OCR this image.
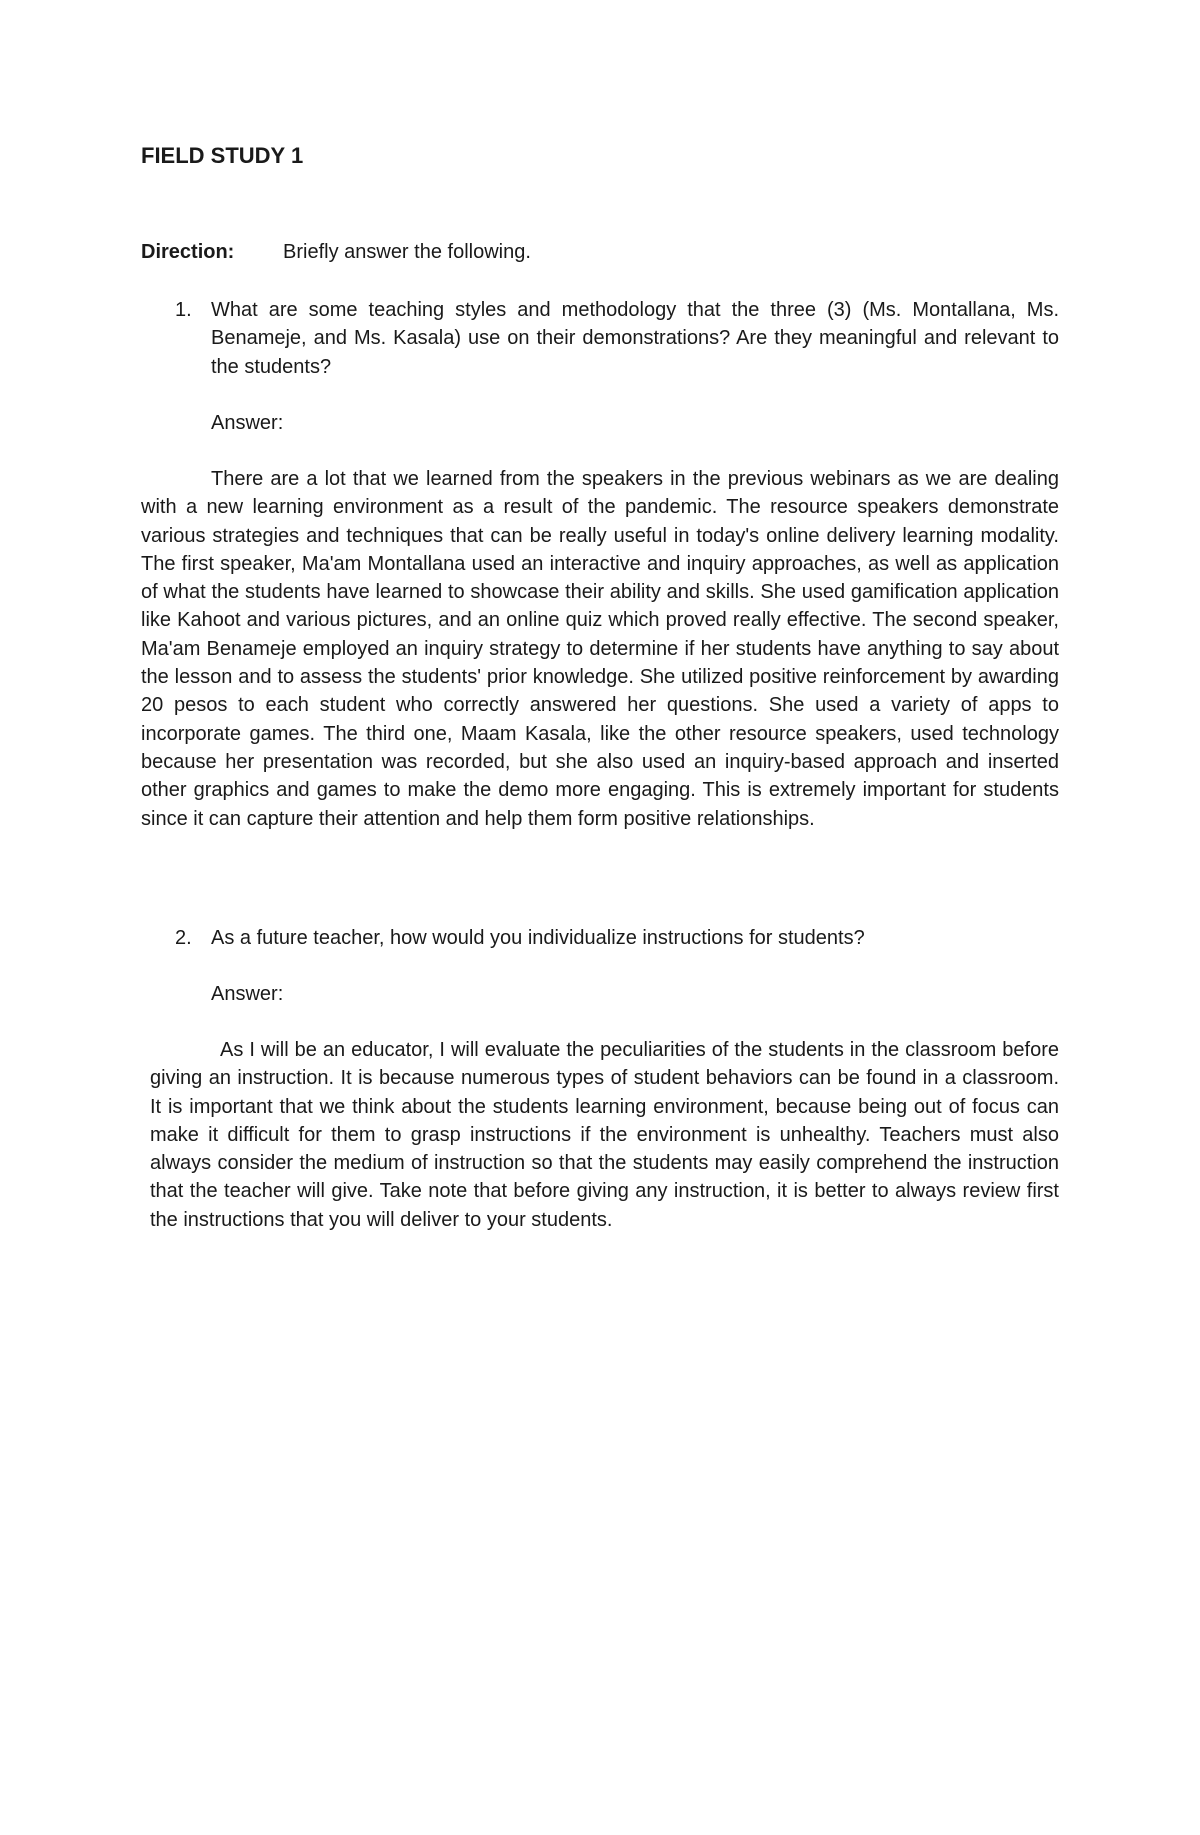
FIELD STUDY 1
Direction:	Briefly answer the following.
1. What are some teaching styles and methodology that the three (3) (Ms. Montallana, Ms. Benameje, and Ms. Kasala) use on their demonstrations? Are they meaningful and relevant to the students?
Answer:

There are a lot that we learned from the speakers in the previous webinars as we are dealing with a new learning environment as a result of the pandemic. The resource speakers demonstrate various strategies and techniques that can be really useful in today's online delivery learning modality. The first speaker, Ma'am Montallana used an interactive and inquiry approaches, as well as application of what the students have learned to showcase their ability and skills. She used gamification application like Kahoot and various pictures, and an online quiz which proved really effective. The second speaker, Ma'am Benameje employed an inquiry strategy to determine if her students have anything to say about the lesson and to assess the students' prior knowledge. She utilized positive reinforcement by awarding 20 pesos to each student who correctly answered her questions. She used a variety of apps to incorporate games. The third one, Maam Kasala, like the other resource speakers, used technology because her presentation was recorded, but she also used an inquiry-based approach and inserted other graphics and games to make the demo more engaging. This is extremely important for students since it can capture their attention and help them form positive relationships.

2. As a future teacher, how would you individualize instructions for students?
Answer:

As I will be an educator, I will evaluate the peculiarities of the students in the classroom before giving an instruction. It is because numerous types of student behaviors can be found in a classroom. It is important that we think about the students learning environment, because being out of focus can make it difficult for them to grasp instructions if the environment is unhealthy. Teachers must also always consider the medium of instruction so that the students may easily comprehend the instruction that the teacher will give. Take note that before giving any instruction, it is better to always review first the instructions that you will deliver to your students.
